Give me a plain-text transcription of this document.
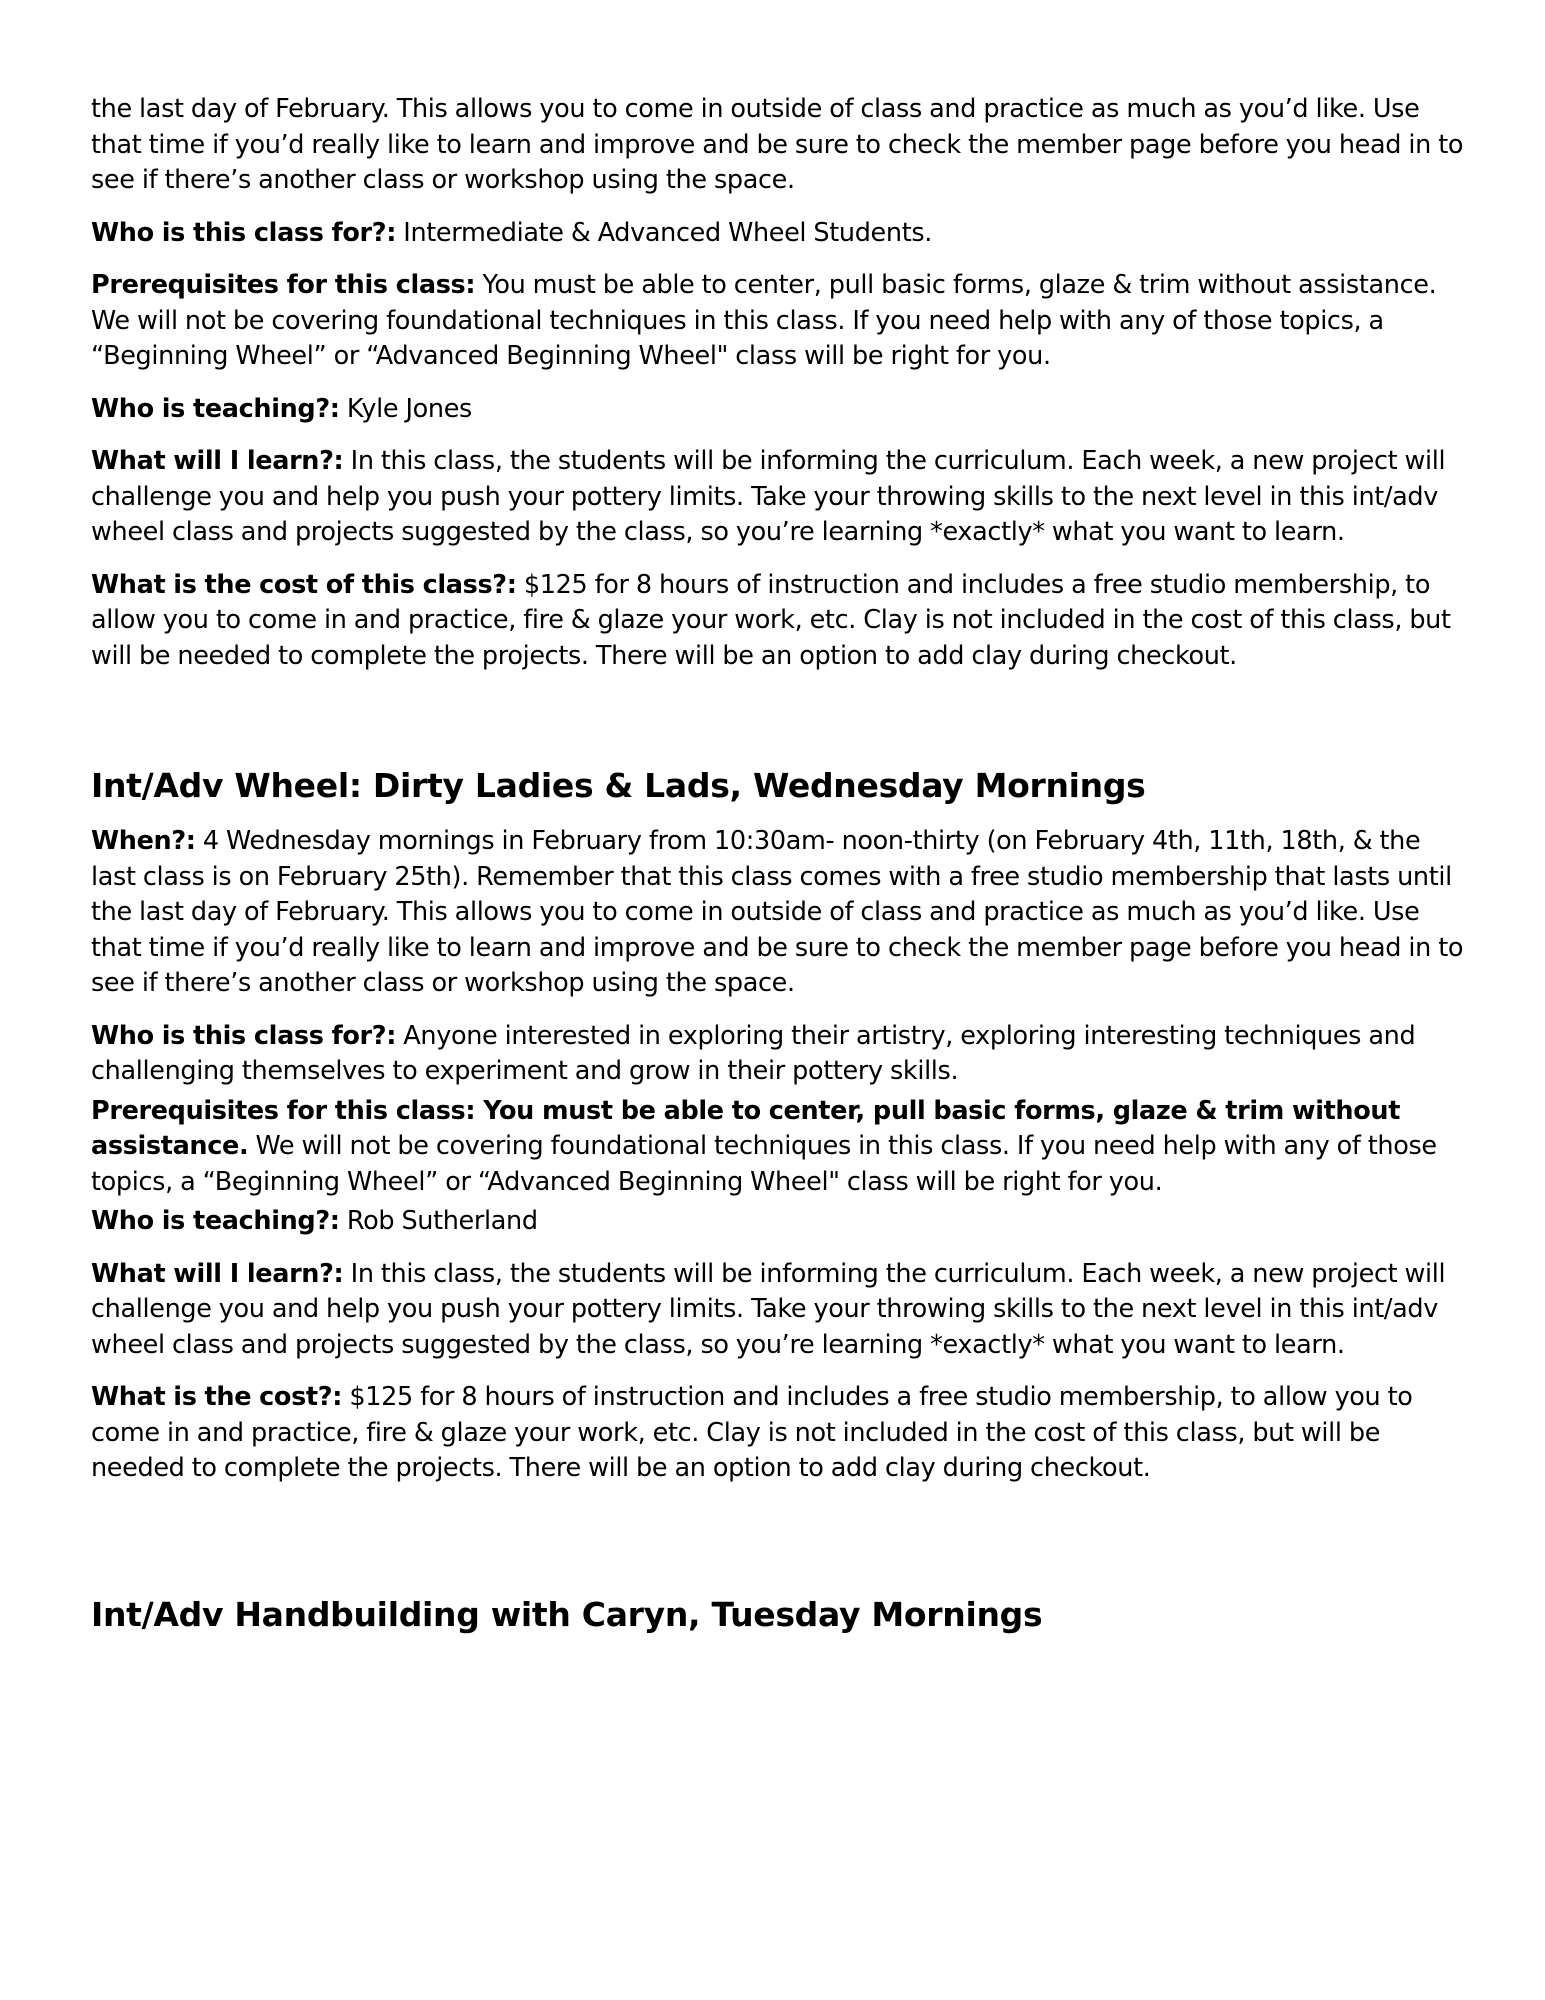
the last day of February. This allows you to come in outside of class and practice as much as you’d like. Use that time if you’d really like to learn and improve and be sure to check the member page before you head in to see if there’s another class or workshop using the space.

Who is this class for?: Intermediate & Advanced Wheel Students.

Prerequisites for this class: You must be able to center, pull basic forms, glaze & trim without assistance. We will not be covering foundational techniques in this class. If you need help with any of those topics, a “Beginning Wheel” or “Advanced Beginning Wheel" class will be right for you.

Who is teaching?: Kyle Jones

What will I learn?: In this class, the students will be informing the curriculum. Each week, a new project will challenge you and help you push your pottery limits. Take your throwing skills to the next level in this int/adv wheel class and projects suggested by the class, so you’re learning *exactly* what you want to learn.

What is the cost of this class?: $125 for 8 hours of instruction and includes a free studio membership, to allow you to come in and practice, fire & glaze your work, etc. Clay is not included in the cost of this class, but will be needed to complete the projects. There will be an option to add clay during checkout.

Int/Adv Wheel: Dirty Ladies & Lads, Wednesday Mornings

When?: 4 Wednesday mornings in February from 10:30am- noon-thirty (on February 4th, 11th, 18th, & the last class is on February 25th). Remember that this class comes with a free studio membership that lasts until the last day of February. This allows you to come in outside of class and practice as much as you’d like. Use that time if you’d really like to learn and improve and be sure to check the member page before you head in to see if there’s another class or workshop using the space.

Who is this class for?: Anyone interested in exploring their artistry, exploring interesting techniques and challenging themselves to experiment and grow in their pottery skills.

Prerequisites for this class: You must be able to center, pull basic forms, glaze & trim without assistance. We will not be covering foundational techniques in this class. If you need help with any of those topics, a “Beginning Wheel” or “Advanced Beginning Wheel" class will be right for you.

Who is teaching?: Rob Sutherland

What will I learn?: In this class, the students will be informing the curriculum. Each week, a new project will challenge you and help you push your pottery limits. Take your throwing skills to the next level in this int/adv wheel class and projects suggested by the class, so you’re learning *exactly* what you want to learn.

What is the cost?: $125 for 8 hours of instruction and includes a free studio membership, to allow you to come in and practice, fire & glaze your work, etc. Clay is not included in the cost of this class, but will be needed to complete the projects. There will be an option to add clay during checkout.

Int/Adv Handbuilding with Caryn, Tuesday Mornings
